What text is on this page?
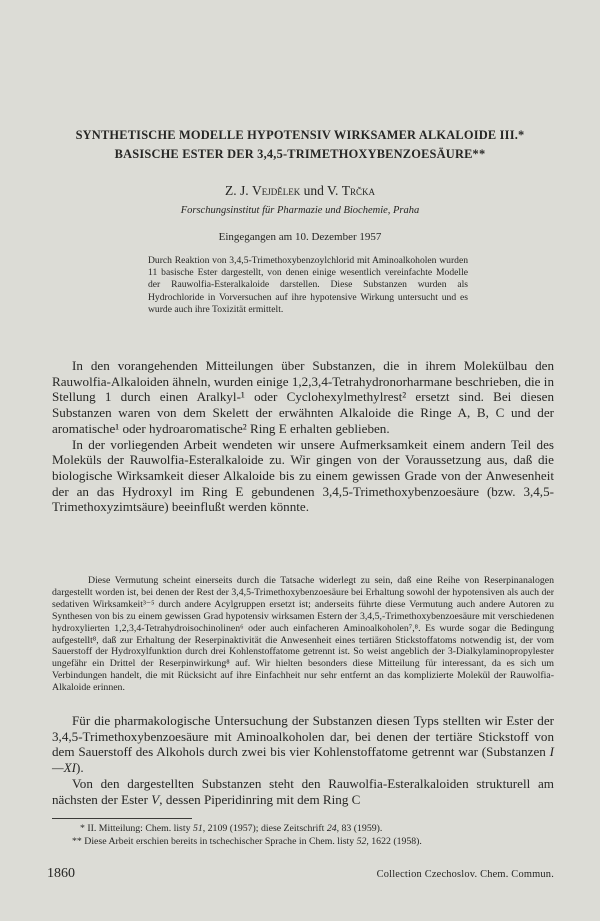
SYNTHETISCHE MODELLE HYPOTENSIV WIRKSAMER ALKALOIDE III.*
BASISCHE ESTER DER 3,4,5-TRIMETHOXYBENZOESÄURE**

Z. J. Vejdělek und V. Trčka

Forschungsinstitut für Pharmazie und Biochemie, Praha

Eingegangen am 10. Dezember 1957

Durch Reaktion von 3,4,5-Trimethoxybenzoylchlorid mit Aminoalkoholen wurden 11 basische Ester dargestellt, von denen einige wesentlich vereinfachte Modelle der Rauwolfia-Esteralkaloide darstellen. Diese Substanzen wurden als Hydrochloride in Vorversuchen auf ihre hypotensive Wirkung untersucht und es wurde auch ihre Toxizität ermittelt.

In den vorangehenden Mitteilungen über Substanzen, die in ihrem Molekülbau den Rauwolfia-Alkaloiden ähneln, wurden einige 1,2,3,4-Tetrahydronorharmane beschrieben, die in Stellung 1 durch einen Aralkyl-¹ oder Cyclohexylmethylrest² ersetzt sind. Bei diesen Substanzen waren von dem Skelett der erwähnten Alkaloide die Ringe A, B, C und der aromatische¹ oder hydroaromatische² Ring E erhalten geblieben.

In der vorliegenden Arbeit wendeten wir unsere Aufmerksamkeit einem andern Teil des Moleküls der Rauwolfia-Esteralkaloide zu. Wir gingen von der Voraussetzung aus, daß die biologische Wirksamkeit dieser Alkaloide bis zu einem gewissen Grade von der Anwesenheit der an das Hydroxyl im Ring E gebundenen 3,4,5-Trimethoxybenzoesäure (bzw. 3,4,5-Trimethoxyzimtsäure) beeinflußt werden könnte.

Diese Vermutung scheint einerseits durch die Tatsache widerlegt zu sein, daß eine Reihe von Reserpinanalogen dargestellt worden ist, bei denen der Rest der 3,4,5-Trimethoxybenzoesäure bei Erhaltung sowohl der hypotensiven als auch der sedativen Wirksamkeit³⁻⁵ durch andere Acylgruppen ersetzt ist; anderseits führte diese Vermutung auch andere Autoren zu Synthesen von bis zu einem gewissen Grad hypotensiv wirksamen Estern der 3,4,5,-Trimethoxybenzoesäure mit verschiedenen hydroxylierten 1,2,3,4-Tetrahydroisochinolinen⁶ oder auch einfacheren Aminoalkoholen⁷,⁸. Es wurde sogar die Bedingung aufgestellt⁸, daß zur Erhaltung der Reserpinaktivität die Anwesenheit eines tertiären Stickstoffatoms notwendig ist, der vom Sauerstoff der Hydroxylfunktion durch drei Kohlenstoffatome getrennt ist. So weist angeblich der 3-Dialkylaminopropylester ungefähr ein Drittel der Reserpinwirkung⁸ auf. Wir hielten besonders diese Mitteilung für interessant, da es sich um Verbindungen handelt, die mit Rücksicht auf ihre Einfachheit nur sehr entfernt an das komplizierte Molekül der Rauwolfia-Alkaloide erinnen.

Für die pharmakologische Untersuchung der Substanzen diesen Typs stellten wir Ester der 3,4,5-Trimethoxybenzoesäure mit Aminoalkoholen dar, bei denen der tertiäre Stickstoff von dem Sauerstoff des Alkohols durch zwei bis vier Kohlenstoffatome getrennt war (Substanzen I—XI).

Von den dargestellten Substanzen steht den Rauwolfia-Esteralkaloiden strukturell am nächsten der Ester V, dessen Piperidinring mit dem Ring C

* II. Mitteilung: Chem. listy 51, 2109 (1957); diese Zeitschrift 24, 83 (1959).
** Diese Arbeit erschien bereits in tschechischer Sprache in Chem. listy 52, 1622 (1958).

1860	Collection Czechoslov. Chem. Commun.
